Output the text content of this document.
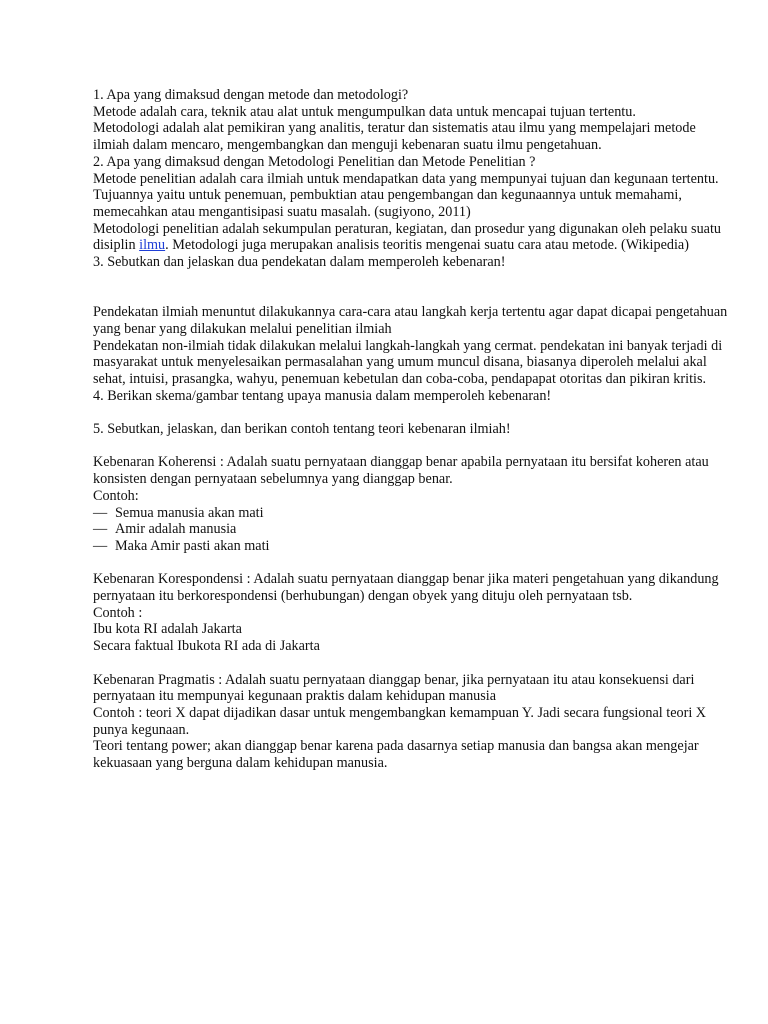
1. Apa yang dimaksud dengan metode dan metodologi?

Metode adalah cara, teknik atau alat untuk mengumpulkan data untuk mencapai tujuan tertentu.

Metodologi adalah alat pemikiran yang analitis, teratur dan sistematis atau ilmu yang mempelajari metode ilmiah dalam mencaro, mengembangkan dan menguji kebenaran suatu ilmu pengetahuan.

2. Apa yang dimaksud dengan Metodologi Penelitian dan Metode Penelitian ?

Metode penelitian adalah cara ilmiah untuk mendapatkan data yang mempunyai tujuan dan kegunaan tertentu. Tujuannya yaitu untuk penemuan, pembuktian atau pengembangan dan kegunaannya untuk memahami, memecahkan atau mengantisipasi suatu masalah. (sugiyono, 2011)

Metodologi penelitian adalah sekumpulan peraturan, kegiatan, dan prosedur yang digunakan oleh pelaku suatu disiplin ilmu. Metodologi juga merupakan analisis teoritis mengenai suatu cara atau metode. (Wikipedia)

3. Sebutkan dan jelaskan dua pendekatan dalam memperoleh kebenaran!

Pendekatan ilmiah menuntut dilakukannya cara-cara atau langkah kerja tertentu agar dapat dicapai pengetahuan yang benar yang dilakukan melalui penelitian ilmiah

Pendekatan non-ilmiah tidak dilakukan melalui langkah-langkah yang cermat. pendekatan ini banyak terjadi di masyarakat untuk menyelesaikan permasalahan yang umum muncul disana, biasanya diperoleh melalui akal sehat, intuisi, prasangka, wahyu, penemuan kebetulan dan coba-coba, pendapapat otoritas dan pikiran kritis.

4. Berikan skema/gambar tentang upaya manusia dalam memperoleh kebenaran!

5. Sebutkan, jelaskan, dan berikan contoh tentang teori kebenaran ilmiah!

Kebenaran Koherensi : Adalah suatu pernyataan dianggap benar apabila pernyataan itu bersifat koheren atau konsisten dengan pernyataan sebelumnya yang dianggap benar.

Contoh:

— Semua manusia akan mati

— Amir adalah manusia

— Maka Amir pasti akan mati

Kebenaran Korespondensi : Adalah suatu pernyataan dianggap benar jika materi pengetahuan yang dikandung pernyataan itu berkorespondensi (berhubungan) dengan obyek yang dituju oleh pernyataan tsb.

Contoh :

Ibu kota RI adalah Jakarta

Secara faktual Ibukota RI ada di Jakarta

Kebenaran Pragmatis : Adalah suatu pernyataan dianggap benar, jika pernyataan itu atau konsekuensi dari pernyataan itu mempunyai kegunaan praktis dalam kehidupan manusia

Contoh : teori X dapat dijadikan dasar untuk mengembangkan kemampuan Y. Jadi secara fungsional teori X punya kegunaan.

Teori tentang power; akan dianggap benar karena pada dasarnya setiap manusia dan bangsa akan mengejar kekuasaan yang berguna dalam kehidupan manusia.
